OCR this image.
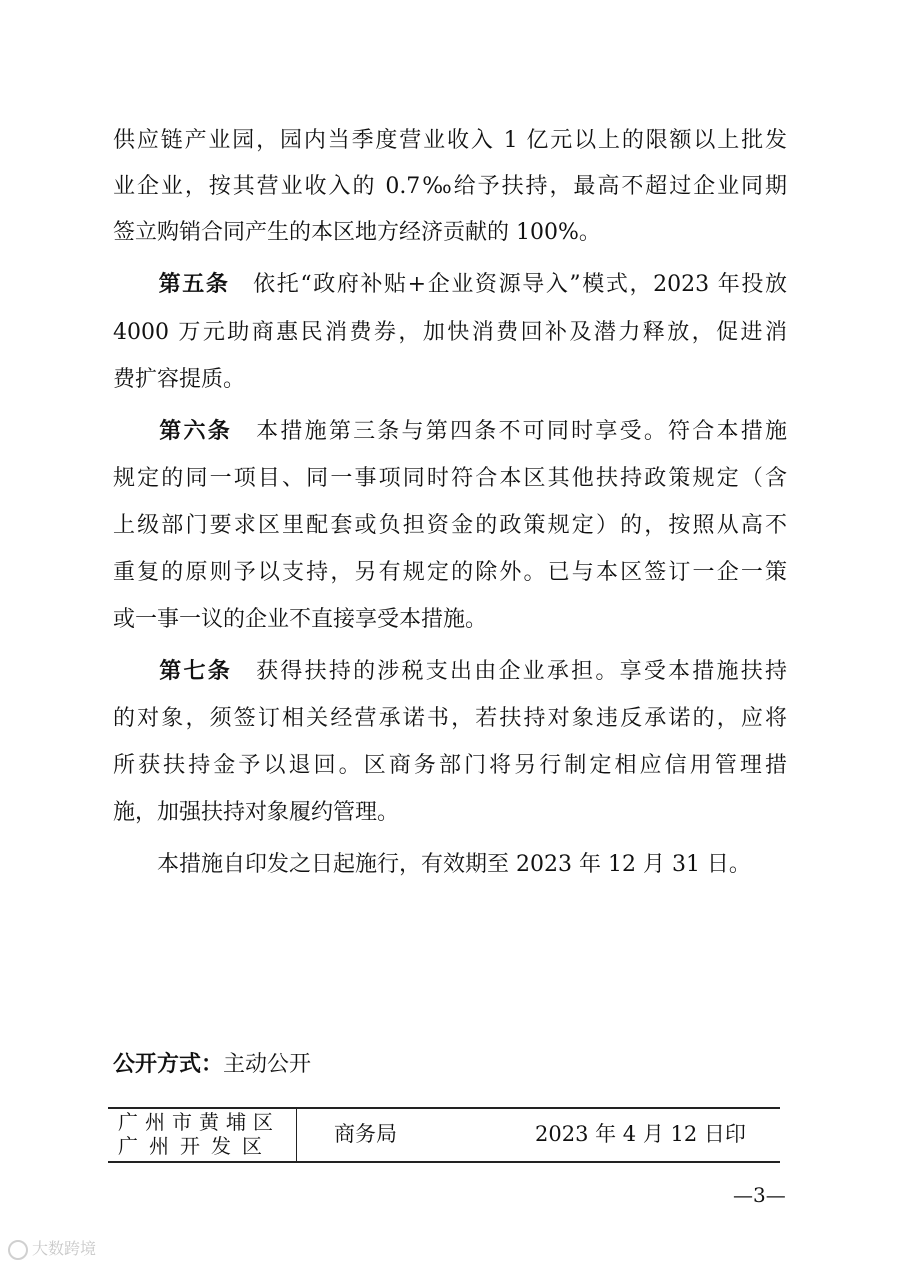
供应链产业园，园内当季度营业收入 1 亿元以上的限额以上批发
业企业，按其营业收入的 0.7‰给予扶持，最高不超过企业同期
签立购销合同产生的本区地方经济贡献的 100%。
第五条 依托“政府补贴+企业资源导入”模式，2023 年投放
4000 万元助商惠民消费券，加快消费回补及潜力释放，促进消
费扩容提质。
第六条 本措施第三条与第四条不可同时享受。符合本措施
规定的同一项目、同一事项同时符合本区其他扶持政策规定（含
上级部门要求区里配套或负担资金的政策规定）的，按照从高不
重复的原则予以支持，另有规定的除外。已与本区签订一企一策
或一事一议的企业不直接享受本措施。
第七条 获得扶持的涉税支出由企业承担。享受本措施扶持
的对象，须签订相关经营承诺书，若扶持对象违反承诺的，应将
所获扶持金予以退回。区商务部门将另行制定相应信用管理措
施，加强扶持对象履约管理。
本措施自印发之日起施行，有效期至 2023 年 12 月 31 日。
公开方式：主动公开
广州市黄埔区
广州开发区	商务局	2023 年 4 月 12 日印
—3—
大数跨境
